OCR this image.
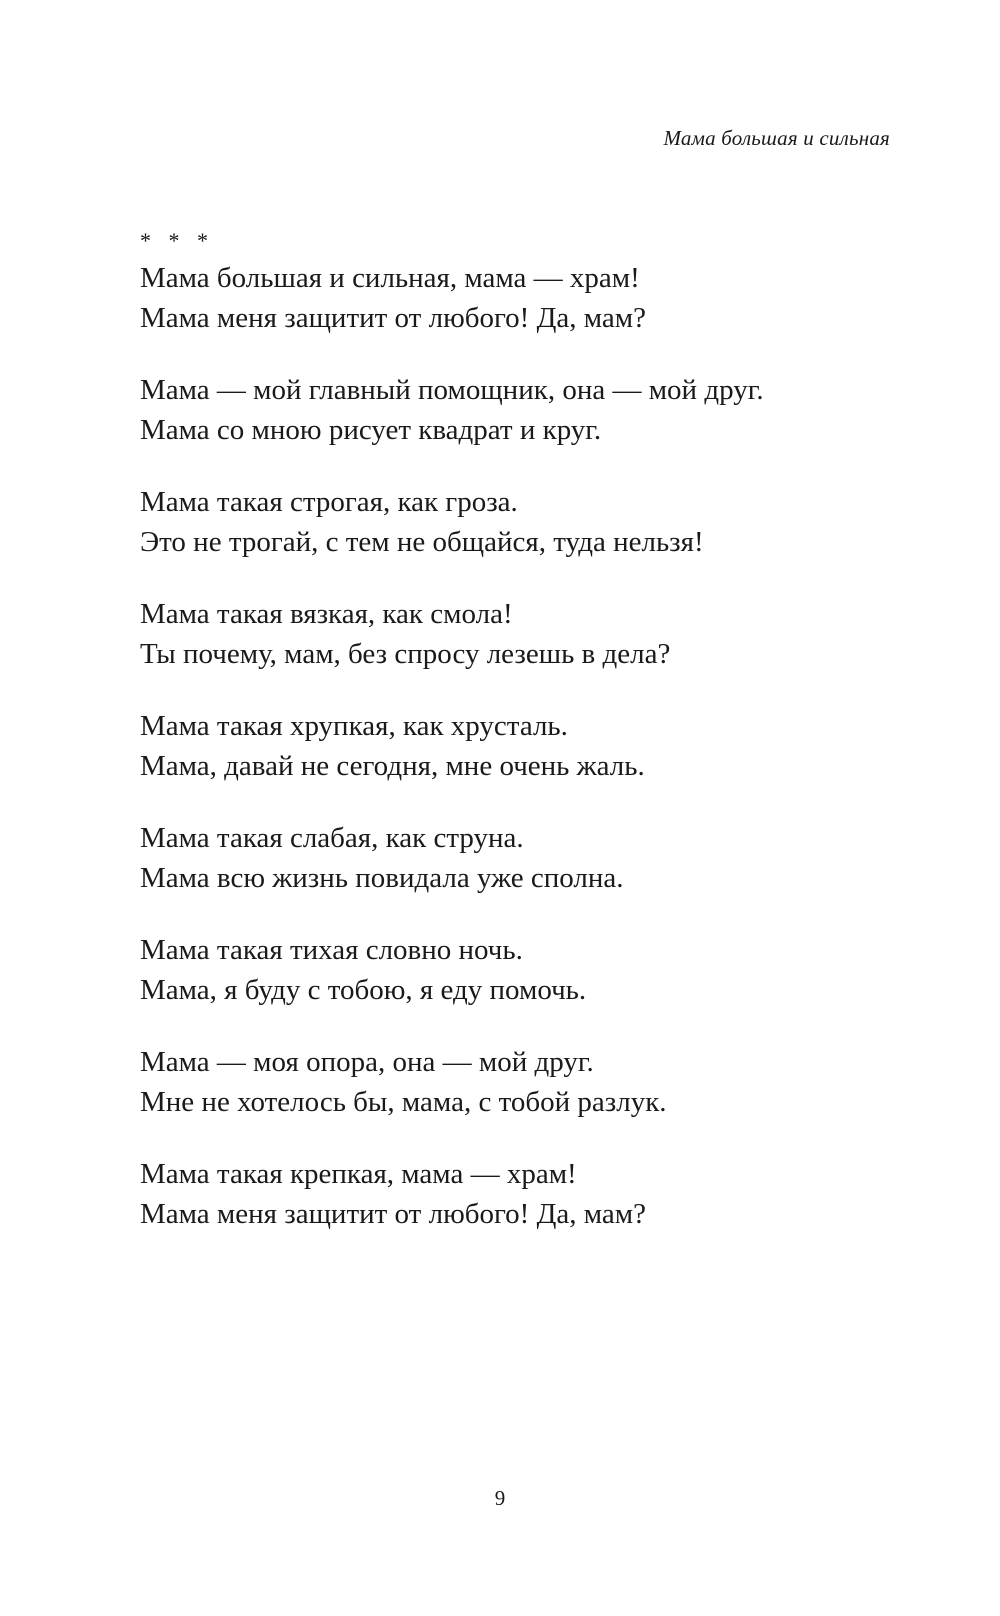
Мама большая и сильная
* * *
Мама большая и сильная, мама — храм!
Мама меня защитит от любого! Да, мам?
Мама — мой главный помощник, она — мой друг.
Мама со мною рисует квадрат и круг.
Мама такая строгая, как гроза.
Это не трогай, с тем не общайся, туда нельзя!
Мама такая вязкая, как смола!
Ты почему, мам, без спросу лезешь в дела?
Мама такая хрупкая, как хрусталь.
Мама, давай не сегодня, мне очень жаль.
Мама такая слабая, как струна.
Мама всю жизнь повидала уже сполна.
Мама такая тихая словно ночь.
Мама, я буду с тобою, я еду помочь.
Мама — моя опора, она — мой друг.
Мне не хотелось бы, мама, с тобой разлук.
Мама такая крепкая, мама — храм!
Мама меня защитит от любого! Да, мам?
9
